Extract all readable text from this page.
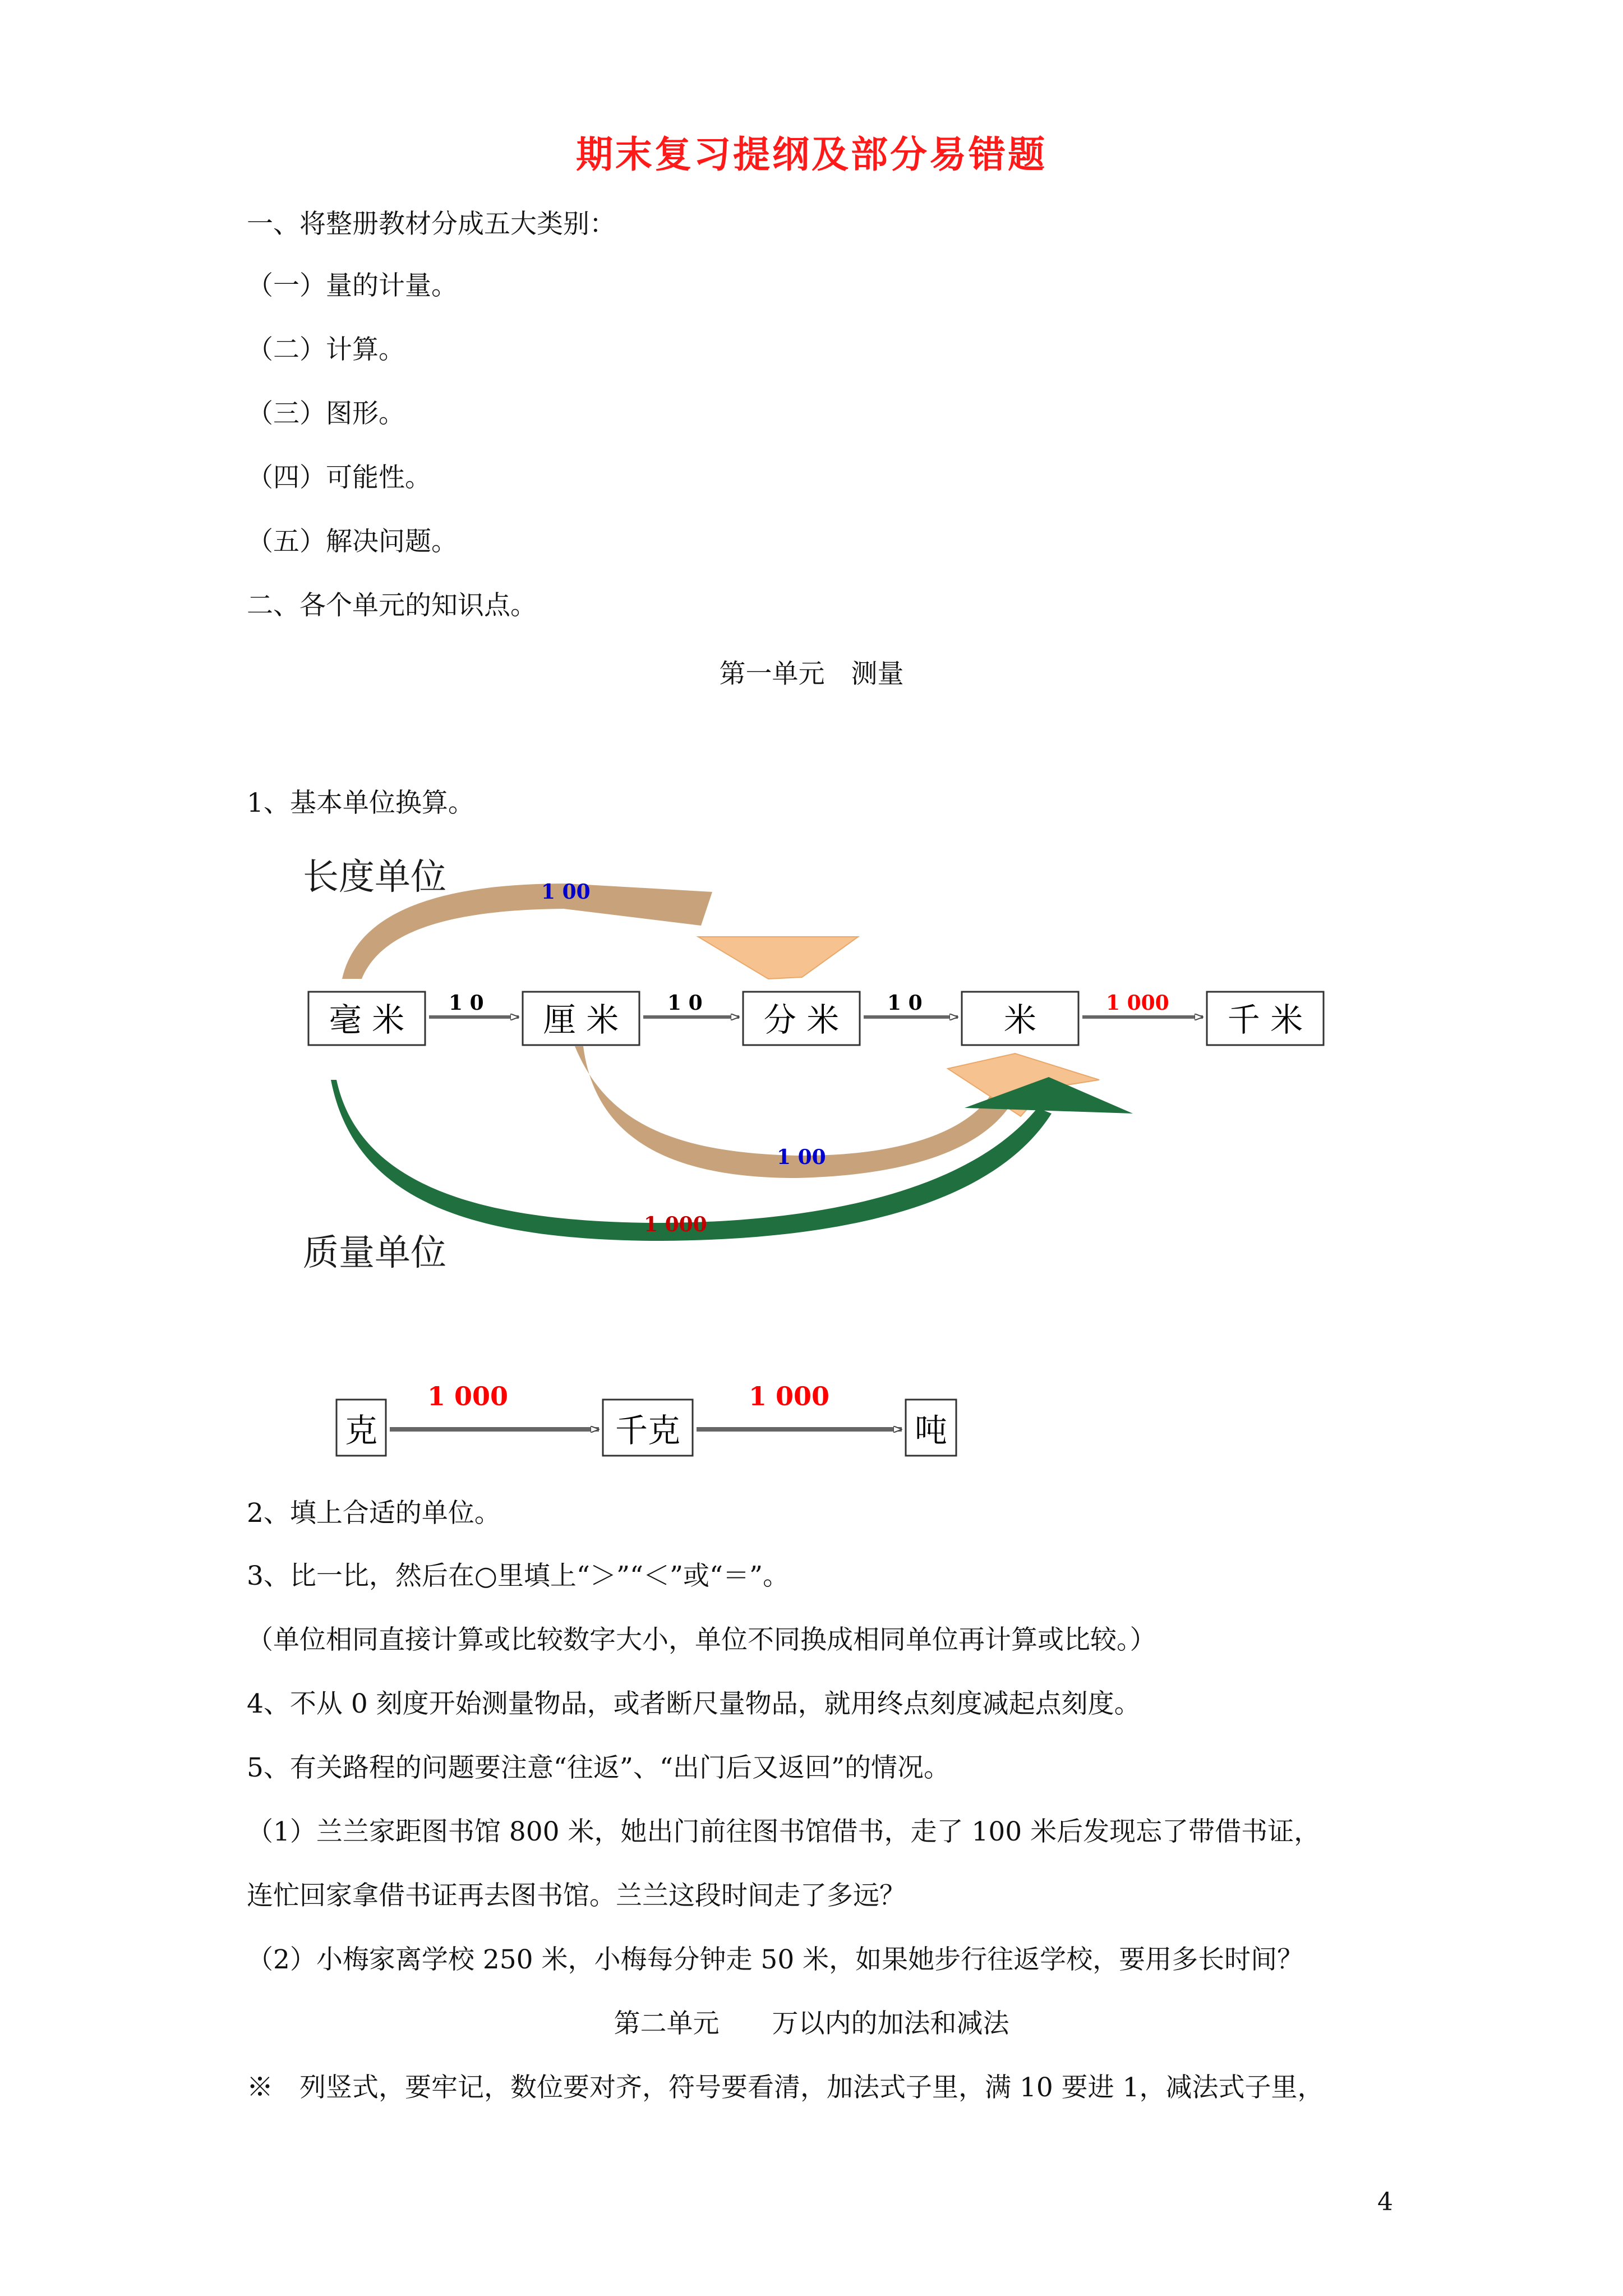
期末复习提纲及部分易错题
一、将整册教材分成五大类别：
（一）量的计量。
（二）计算。
（三）图形。
（四）可能性。
（五）解决问题。
二、各个单元的知识点。
第一单元　测量
1、基本单位换算。
长度单位
质量单位
1 00
1 00
1 000
毫 米	厘 米	分 米	米	千 米
1 0	1 0	1 0	1 000
克	千克	吨
1 000	1 000
2、填上合适的单位。
3、比一比，然后在○里填上“＞”“＜”或“＝”。
（单位相同直接计算或比较数字大小，单位不同换成相同单位再计算或比较。）
4、不从 0 刻度开始测量物品，或者断尺量物品，就用终点刻度减起点刻度。
5、有关路程的问题要注意“往返”、“出门后又返回”的情况。
（1）兰兰家距图书馆 800 米，她出门前往图书馆借书，走了 100 米后发现忘了带借书证，
连忙回家拿借书证再去图书馆。兰兰这段时间走了多远？
（2）小梅家离学校 250 米，小梅每分钟走 50 米，如果她步行往返学校，要用多长时间？
第二单元　　万以内的加法和减法
※　列竖式，要牢记，数位要对齐，符号要看清，加法式子里，满 10 要进 1，减法式子里，
4
